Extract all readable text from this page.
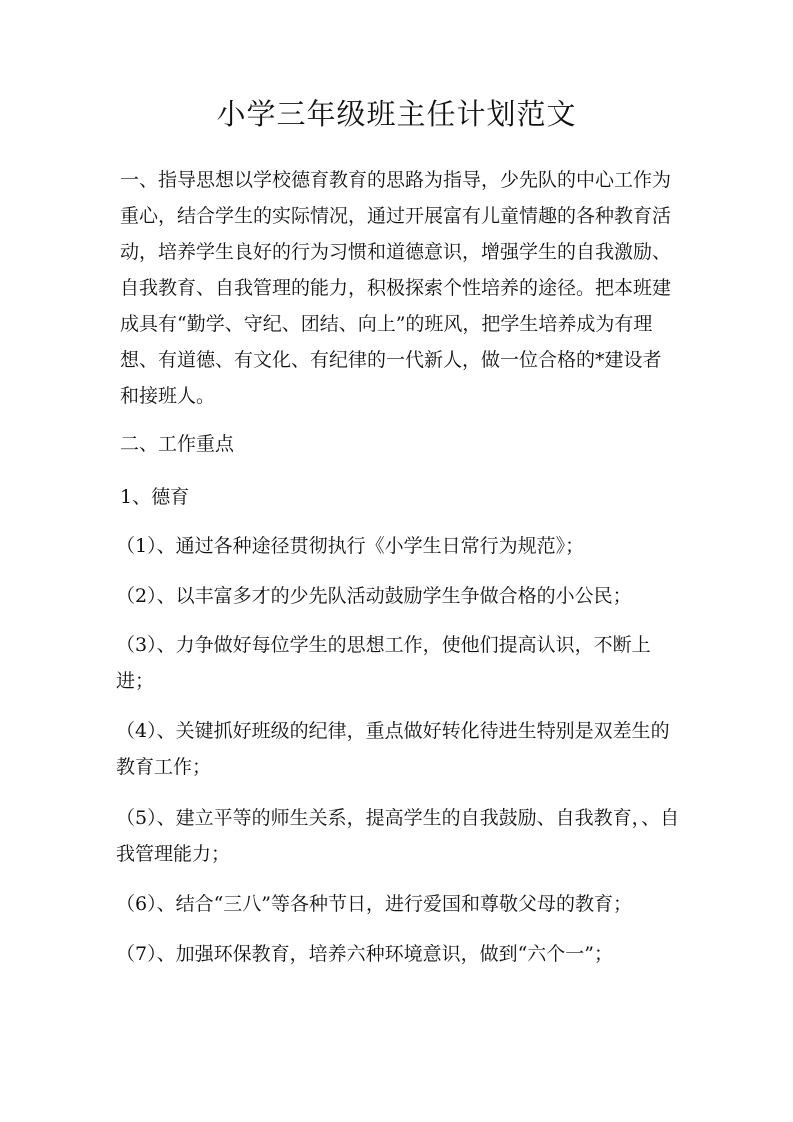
小学三年级班主任计划范文

一、指导思想以学校德育教育的思路为指导，少先队的中心工作为重心，结合学生的实际情况，通过开展富有儿童情趣的各种教育活动，培养学生良好的行为习惯和道德意识，增强学生的自我激励、自我教育、自我管理的能力，积极探索个性培养的途径。把本班建成具有“勤学、守纪、团结、向上”的班风，把学生培养成为有理想、有道德、有文化、有纪律的一代新人，做一位合格的*建设者和接班人。

二、工作重点

1、德育

（1）、通过各种途径贯彻执行《小学生日常行为规范》；

（2）、以丰富多才的少先队活动鼓励学生争做合格的小公民；

（3）、力争做好每位学生的思想工作，使他们提高认识，不断上进；

（4）、关键抓好班级的纪律，重点做好转化待进生特别是双差生的教育工作；

（5）、建立平等的师生关系，提高学生的自我鼓励、自我教育，、自我管理能力；

（6）、结合“三八”等各种节日，进行爱国和尊敬父母的教育；

（7）、加强环保教育，培养六种环境意识，做到“六个一”；
